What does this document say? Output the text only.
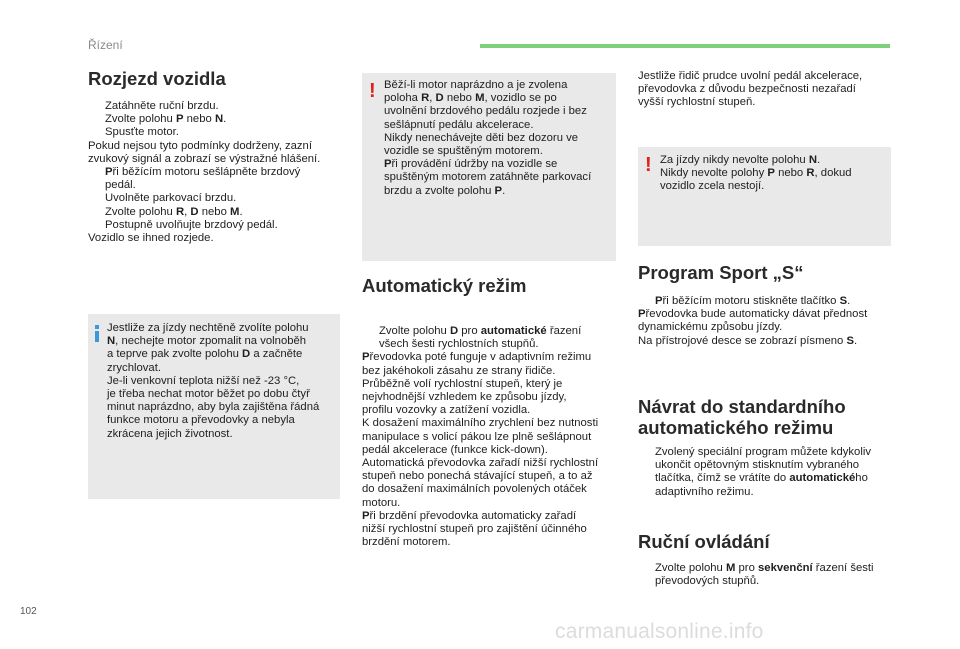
Řízení
Rozjezd vozidla
Zatáhněte ruční brzdu.
Zvolte polohu P nebo N.
Spusťte motor.
Pokud nejsou tyto podmínky dodrženy, zazní
zvukový signál a zobrazí se výstražné hlášení.
Při běžícím motoru sešlápněte brzdový
pedál.
Uvolněte parkovací brzdu.
Zvolte polohu R, D nebo M.
Postupně uvolňujte brzdový pedál.
Vozidlo se ihned rozjede.

Jestliže za jízdy nechtěně zvolíte polohu

N, nechejte motor zpomalit na volnoběh

a teprve pak zvolte polohu D a začněte

zrychlovat.

Je-li venkovní teplota nižší než -23 °C,

je třeba nechat motor běžet po dobu čtyř

minut naprázdno, aby byla zajištěna řádná

funkce motoru a převodovky a nebyla

zkrácena jejich životnost.

! Běží-li motor naprázdno a je zvolena

poloha R, D nebo M, vozidlo se po

uvolnění brzdového pedálu rozjede i bez

sešlápnutí pedálu akcelerace.

Nikdy nenechávejte děti bez dozoru ve

vozidle se spuštěným motorem.

Při provádění údržby na vozidle se

spuštěným motorem zatáhněte parkovací

brzdu a zvolte polohu P.

Automatický režim
Zvolte polohu D pro automatické řazení
všech šesti rychlostních stupňů.
Převodovka poté funguje v adaptivním režimu
bez jakéhokoli zásahu ze strany řidiče.
Průběžně volí rychlostní stupeň, který je
nejvhodnější vzhledem ke způsobu jízdy,
profilu vozovky a zatížení vozidla.
K dosažení maximálního zrychlení bez nutnosti
manipulace s volicí pákou lze plně sešlápnout
pedál akcelerace (funkce kick-down).
Automatická převodovka zařadí nižší rychlostní
stupeň nebo ponechá stávající stupeň, a to až
do dosažení maximálních povolených otáček
motoru.
Při brzdění převodovka automaticky zařadí
nižší rychlostní stupeň pro zajištění účinného
brzdění motorem.

Jestliže řidič prudce uvolní pedál akcelerace,

převodovka z důvodu bezpečnosti nezařadí

vyšší rychlostní stupeň.

! Za jízdy nikdy nevolte polohu N.

Nikdy nevolte polohy P nebo R, dokud

vozidlo zcela nestojí.

Program Sport „S“
Při běžícím motoru stiskněte tlačítko S.
Převodovka bude automaticky dávat přednost
dynamickému způsobu jízdy.
Na přístrojové desce se zobrazí písmeno S.
Návrat do standardního
automatického režimu
Zvolený speciální program můžete kdykoliv
ukončit opětovným stisknutím vybraného
tlačítka, čímž se vrátíte do automatického
adaptivního režimu.
Ruční ovládání
Zvolte polohu M pro sekvenční řazení šesti
převodových stupňů.
102
carmanualsonline.info
